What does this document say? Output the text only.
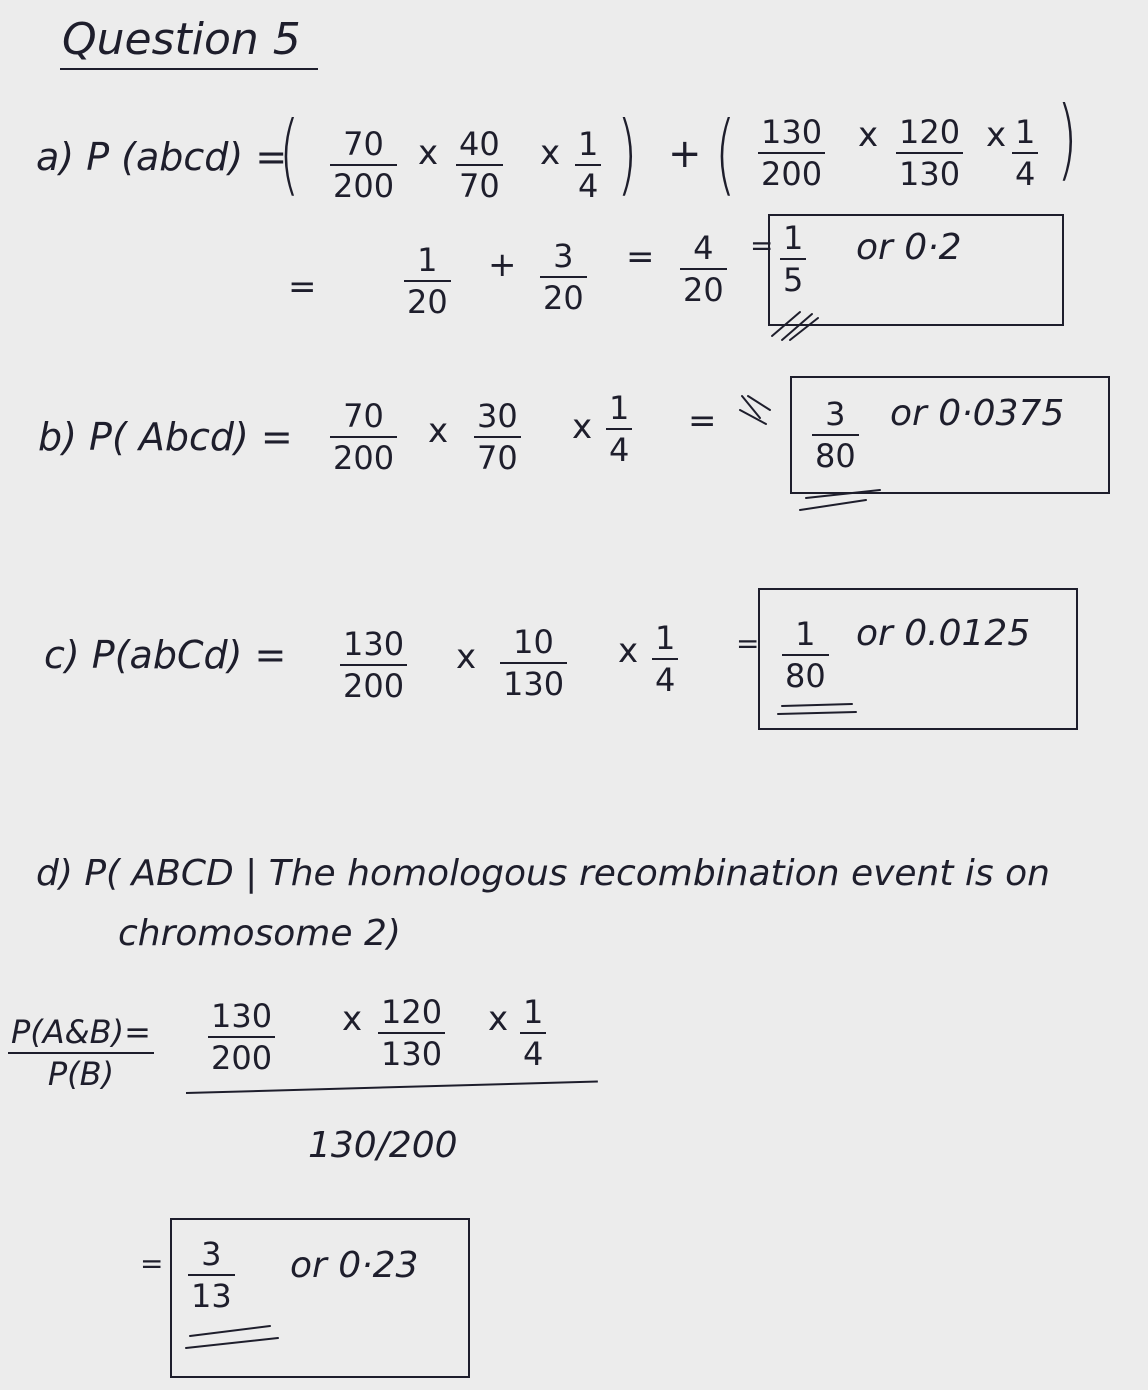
Question 5
a) P (abcd) =
( 70
200
x 40
70
x 1
4 ) + ( 130
200
x 120
130
x 1
4 )
=
1
20
+ 3
20
= 4
20
= 1
5
or 0·2
b) P( Abcd) = 70
200
x 30
70
x 1
4
=	3
80
or 0·0375
c) P(abCd) = 130
200
x 10
130
x 1
4
= 1
80
or 0.0125
d) P( ABCD | The homologous recombination event is on
chromosome 2)
P(A&B)=
P(B)
130
200
x 120
130
x 1
4
130/200
= 3
13
or 0·23
